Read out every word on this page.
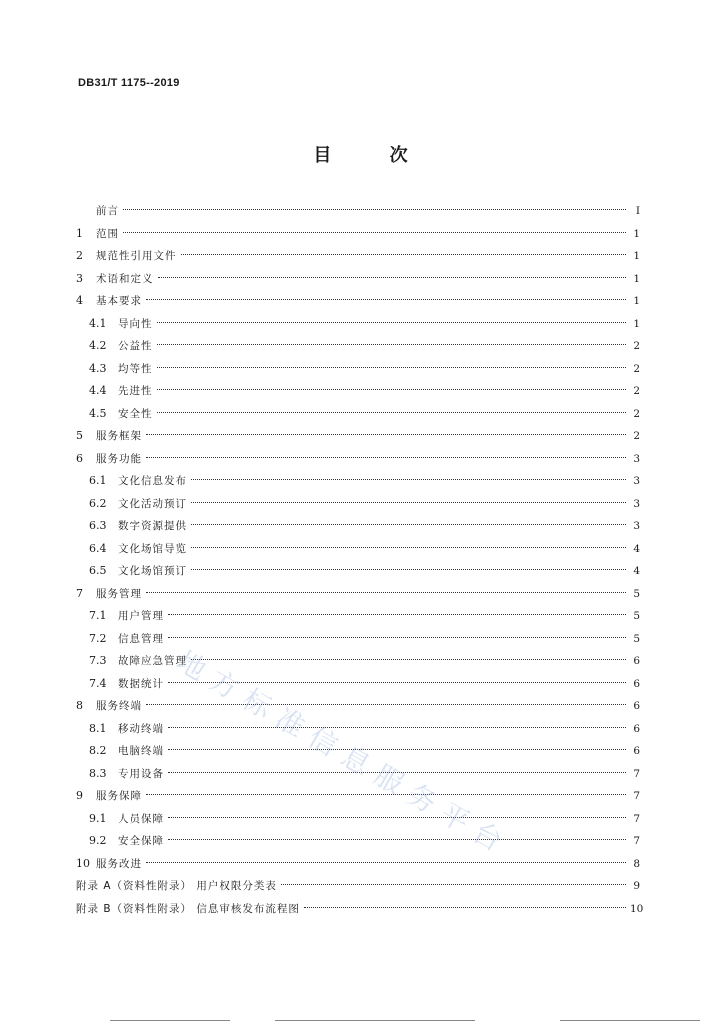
DB31/T 1175--2019
目 次
前言	I
1	范围	1
2	规范性引用文件	1
3	术语和定义	1
4	基本要求	1
4.1	导向性	1
4.2	公益性	2
4.3	均等性	2
4.4	先进性	2
4.5	安全性	2
5	服务框架	2
6	服务功能	3
6.1	文化信息发布	3
6.2	文化活动预订	3
6.3	数字资源提供	3
6.4	文化场馆导览	4
6.5	文化场馆预订	4
7	服务管理	5
7.1	用户管理	5
7.2	信息管理	5
7.3	故障应急管理	6
7.4	数据统计	6
8	服务终端	6
8.1	移动终端	6
8.2	电脑终端	6
8.3	专用设备	7
9	服务保障	7
9.1	人员保障	7
9.2	安全保障	7
10 服务改进	8
附录 A（资料性附录） 用户权限分类表	9
附录 B（资料性附录） 信息审核发布流程图	10
地方标准信息服务平台
